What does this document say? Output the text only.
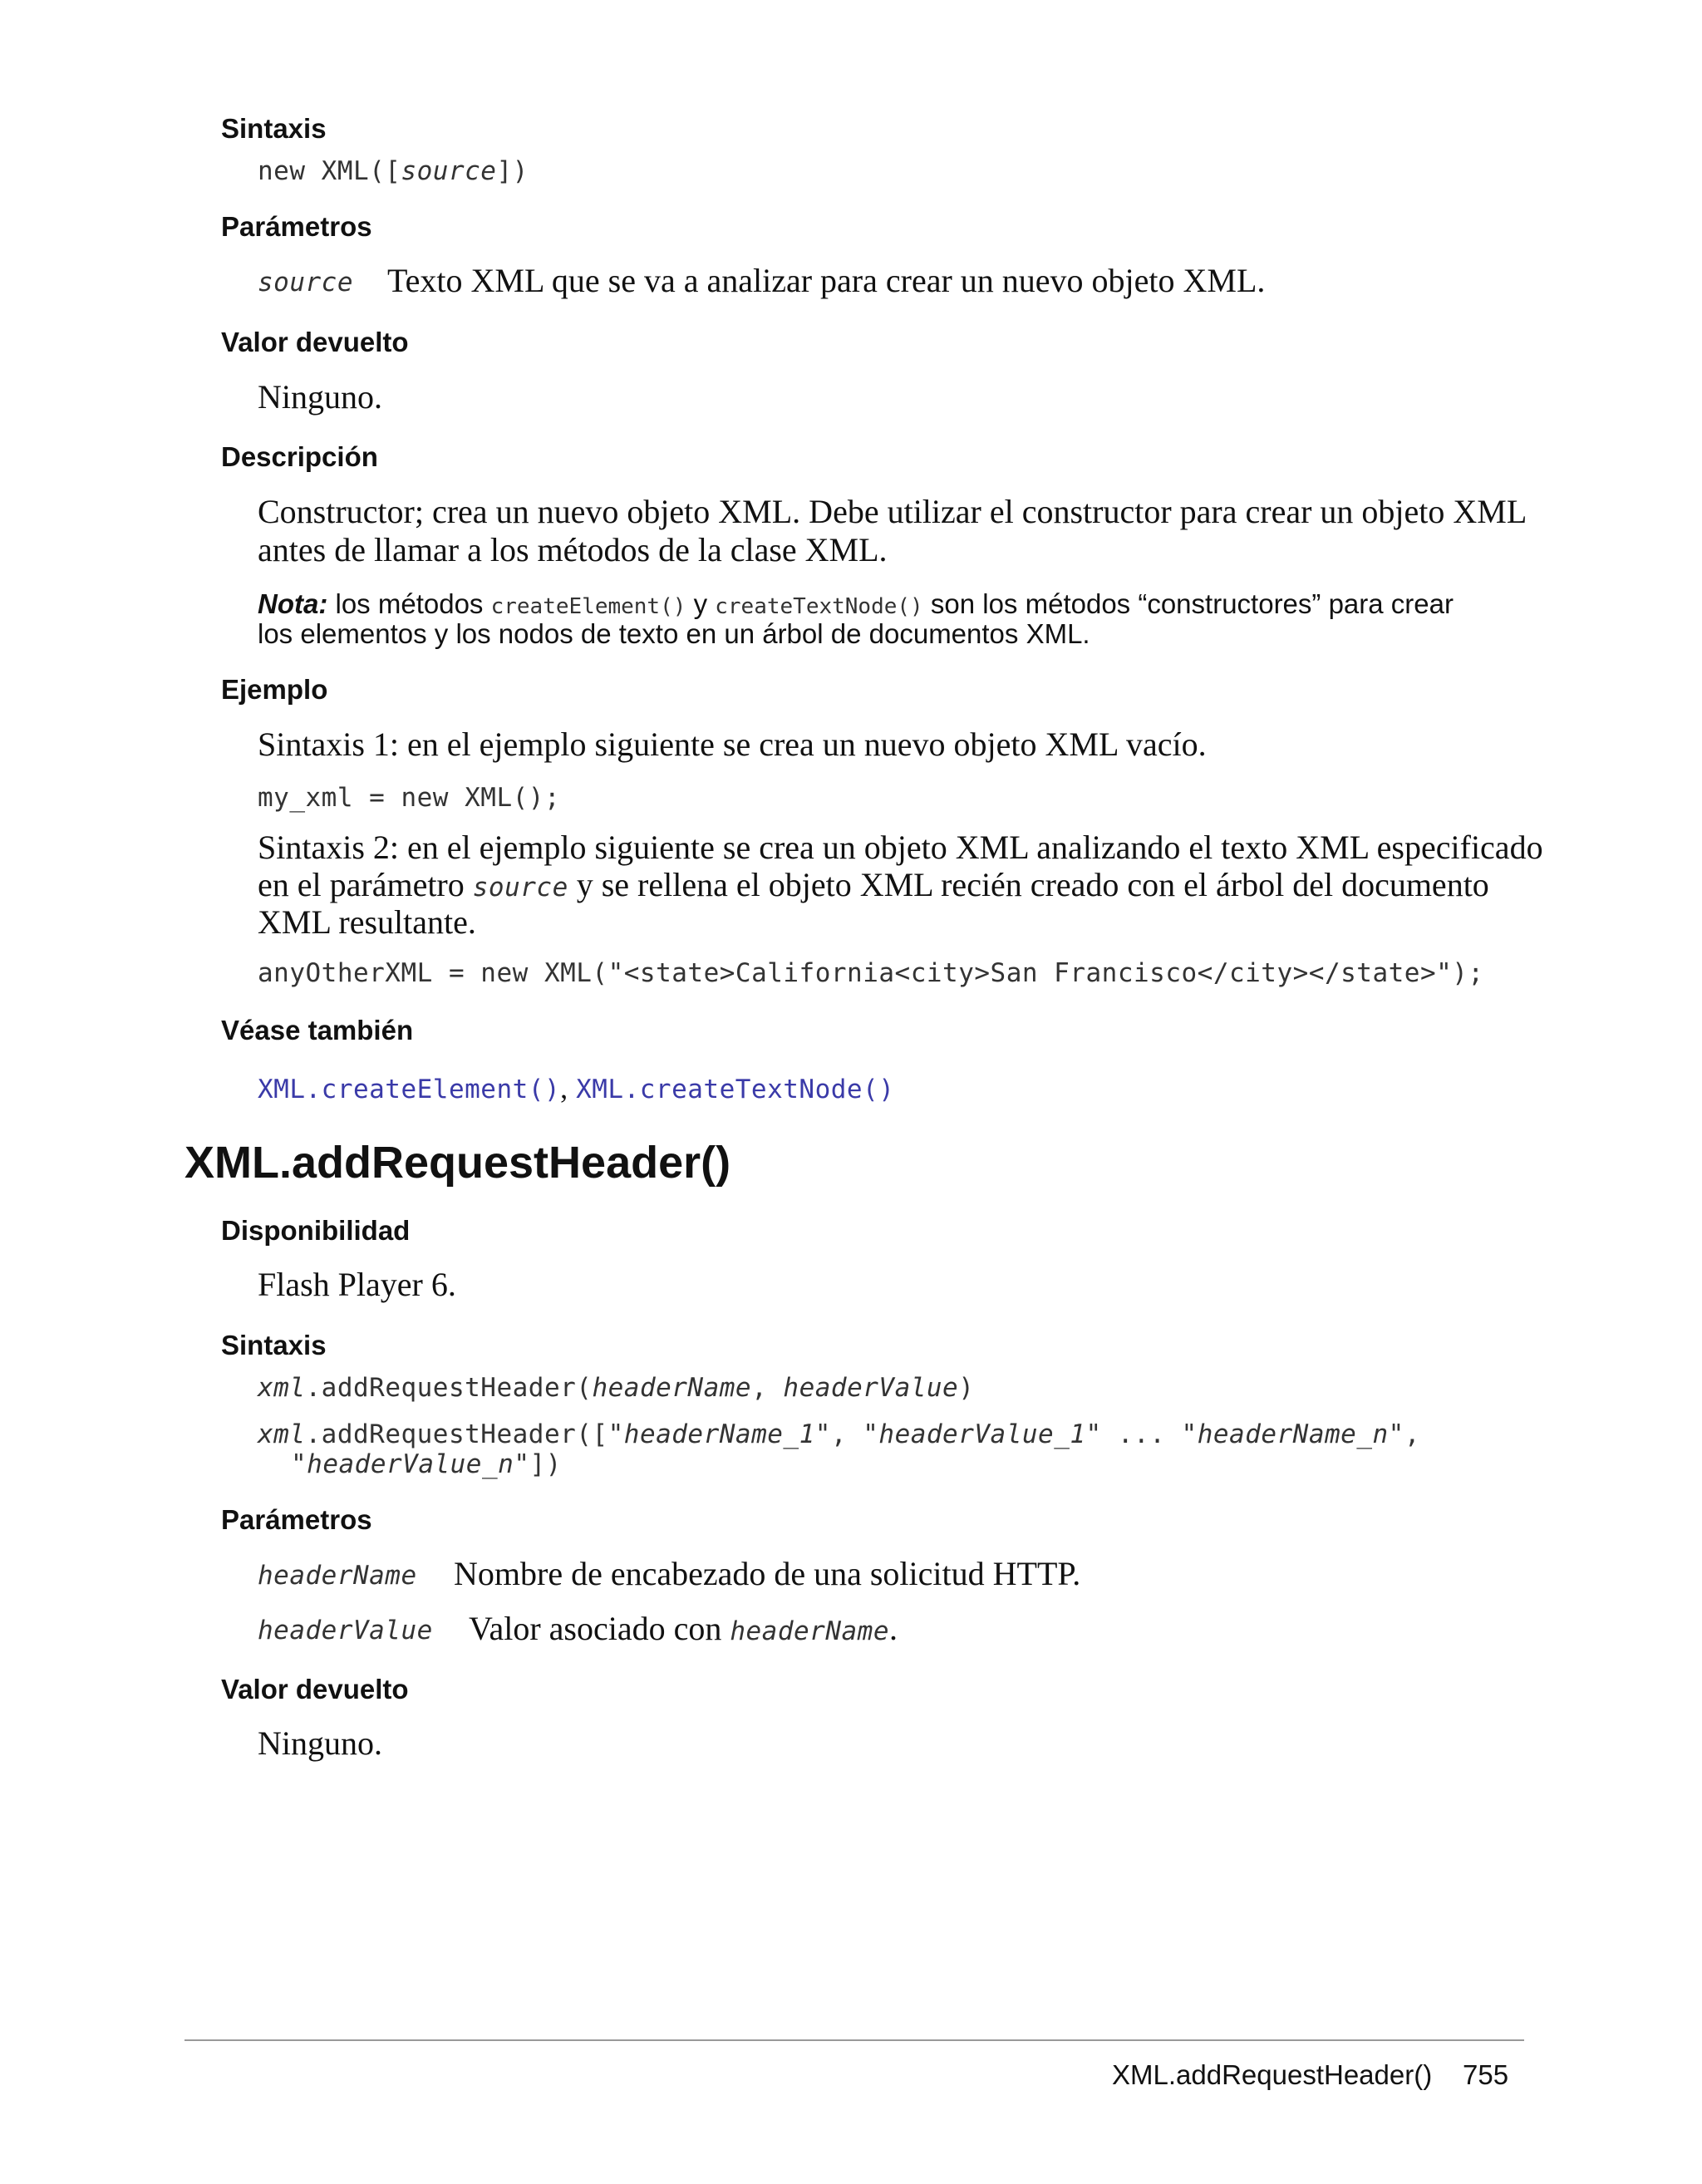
Sintaxis
new XML([source])
Parámetros
source Texto XML que se va a analizar para crear un nuevo objeto XML.
Valor devuelto
Ninguno.
Descripción
Constructor; crea un nuevo objeto XML. Debe utilizar el constructor para crear un objeto XML
antes de llamar a los métodos de la clase XML.
Nota: los métodos createElement() y createTextNode() son los métodos “constructores” para crear
los elementos y los nodos de texto en un árbol de documentos XML.
Ejemplo
Sintaxis 1: en el ejemplo siguiente se crea un nuevo objeto XML vacío.
my_xml = new XML();
Sintaxis 2: en el ejemplo siguiente se crea un objeto XML analizando el texto XML especificado
en el parámetro source y se rellena el objeto XML recién creado con el árbol del documento
XML resultante.
anyOtherXML = new XML("<state>California<city>San Francisco</city></state>");
Véase también
XML.createElement(), XML.createTextNode()
XML.addRequestHeader()
Disponibilidad
Flash Player 6.
Sintaxis
xml.addRequestHeader(headerName, headerValue)
xml.addRequestHeader(["headerName_1", "headerValue_1" ... "headerName_n",
"headerValue_n"])
Parámetros
headerName Nombre de encabezado de una solicitud HTTP.
headerValue Valor asociado con headerName.
Valor devuelto
Ninguno.
XML.addRequestHeader() 755
